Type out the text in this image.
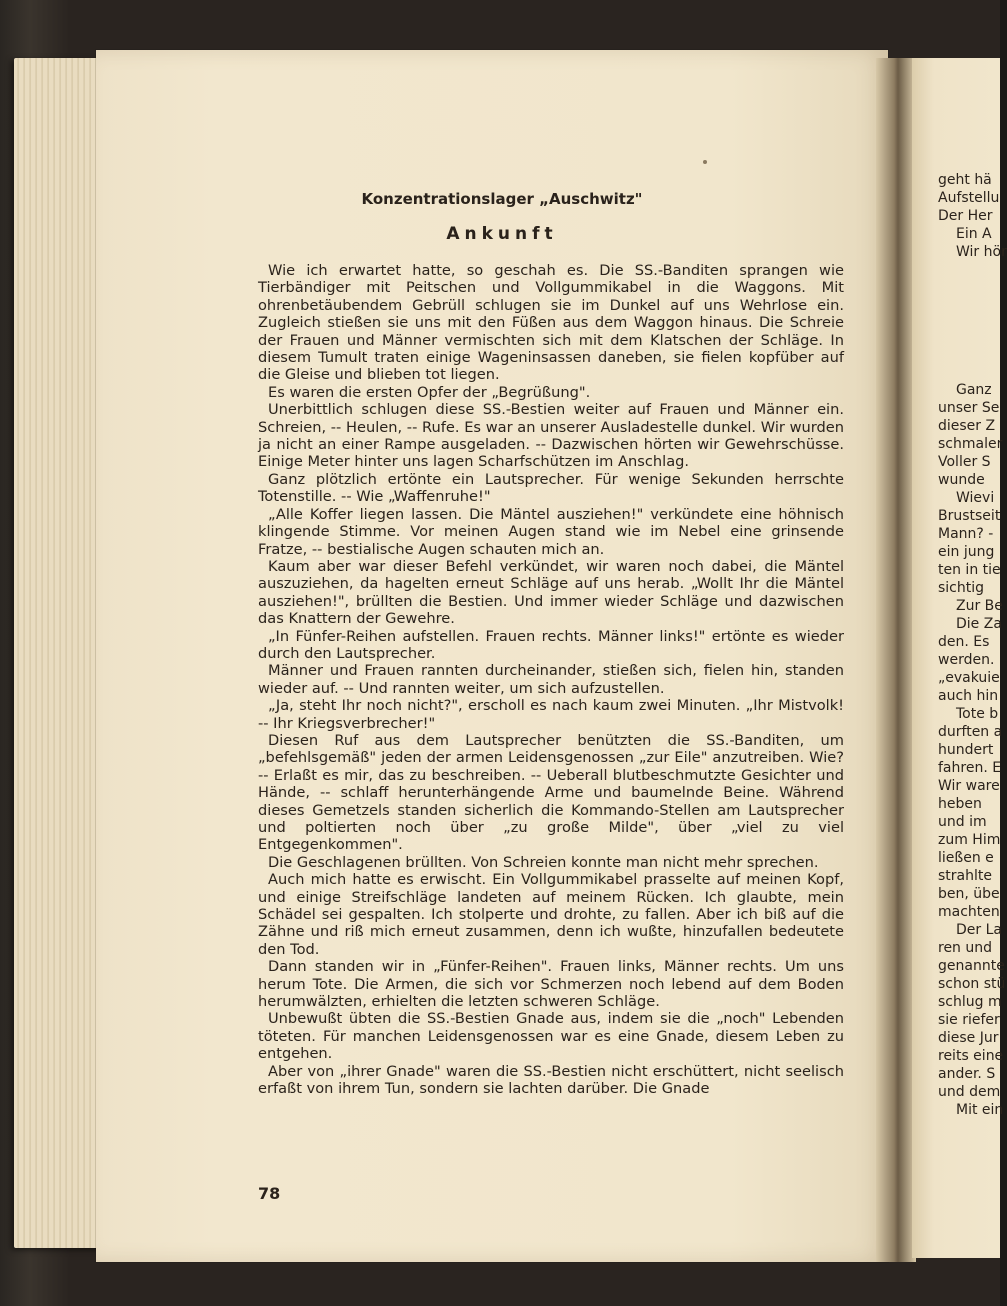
Konzentrationslager „Auschwitz"
Ankunft

Wie ich erwartet hatte, so geschah es. Die SS.-Banditen sprangen wie Tierbändiger mit Peitschen und Vollgummikabel in die Waggons. Mit ohrenbetäubendem Gebrüll schlugen sie im Dunkel auf uns Wehrlose ein. Zugleich stießen sie uns mit den Füßen aus dem Waggon hinaus. Die Schreie der Frauen und Männer vermischten sich mit dem Klatschen der Schläge. In diesem Tumult traten einige Wageninsassen daneben, sie fielen kopfüber auf die Gleise und blieben tot liegen.

Es waren die ersten Opfer der „Begrüßung".

Unerbittlich schlugen diese SS.-Bestien weiter auf Frauen und Männer ein. Schreien, -- Heulen, -- Rufe. Es war an unserer Ausladestelle dunkel. Wir wurden ja nicht an einer Rampe ausgeladen. -- Dazwischen hörten wir Gewehrschüsse. Einige Meter hinter uns lagen Scharfschützen im Anschlag.

Ganz plötzlich ertönte ein Lautsprecher. Für wenige Sekunden herrschte Totenstille. -- Wie „Waffenruhe!"

„Alle Koffer liegen lassen. Die Mäntel ausziehen!" verkündete eine höhnisch klingende Stimme. Vor meinen Augen stand wie im Nebel eine grinsende Fratze, -- bestialische Augen schauten mich an.

Kaum aber war dieser Befehl verkündet, wir waren noch dabei, die Mäntel auszuziehen, da hagelten erneut Schläge auf uns herab. „Wollt Ihr die Mäntel ausziehen!", brüllten die Bestien. Und immer wieder Schläge und dazwischen das Knattern der Gewehre.

„In Fünfer-Reihen aufstellen. Frauen rechts. Männer links!" ertönte es wieder durch den Lautsprecher.

Männer und Frauen rannten durcheinander, stießen sich, fielen hin, standen wieder auf. -- Und rannten weiter, um sich aufzustellen.

„Ja, steht Ihr noch nicht?", erscholl es nach kaum zwei Minuten. „Ihr Mistvolk! -- Ihr Kriegsverbrecher!"

Diesen Ruf aus dem Lautsprecher benützten die SS.-Banditen, um „befehlsgemäß" jeden der armen Leidensgenossen „zur Eile" anzutreiben. Wie? -- Erlaßt es mir, das zu beschreiben. -- Ueberall blutbeschmutzte Gesichter und Hände, -- schlaff herunterhängende Arme und baumelnde Beine. Während dieses Gemetzels standen sicherlich die Kommando-Stellen am Lautsprecher und poltierten noch über „zu große Milde", über „viel zu viel Entgegenkommen".

Die Geschlagenen brüllten. Von Schreien konnte man nicht mehr sprechen.

Auch mich hatte es erwischt. Ein Vollgummikabel prasselte auf meinen Kopf, und einige Streifschläge landeten auf meinem Rücken. Ich glaubte, mein Schädel sei gespalten. Ich stolperte und drohte, zu fallen. Aber ich biß auf die Zähne und riß mich erneut zusammen, denn ich wußte, hinzufallen bedeutete den Tod.

Dann standen wir in „Fünfer-Reihen". Frauen links, Männer rechts. Um uns herum Tote. Die Armen, die sich vor Schmerzen noch lebend auf dem Boden herumwälzten, erhielten die letzten schweren Schläge.

Unbewußt übten die SS.-Bestien Gnade aus, indem sie die „noch" Lebenden töteten. Für manchen Leidensgenossen war es eine Gnade, diesem Leben zu entgehen.

Aber von „ihrer Gnade" waren die SS.-Bestien nicht erschüttert, nicht seelisch erfaßt von ihrem Tun, sondern sie lachten darüber. Die Gnade

78
geht hä
Aufstellu
Der Her
Ein A
Wir hör
Ganz
unser Se
dieser Z
schmaler
Voller S
wunde
Wievi
Brustseit
Mann? -
ein jung
ten in tie
sichtig
Zur Be
Die Za
den. Es
werden.
„evakuie
auch hin
Tote b
durften a
hundert
fahren. E
Wir ware
heben
und im
zum Him
ließen e
strahlte
ben, übe
machten
Der La
ren und
genannte
schon stü
schlug m
sie riefer
diese Jur
reits eine
ander. S
und dem
Mit ein
